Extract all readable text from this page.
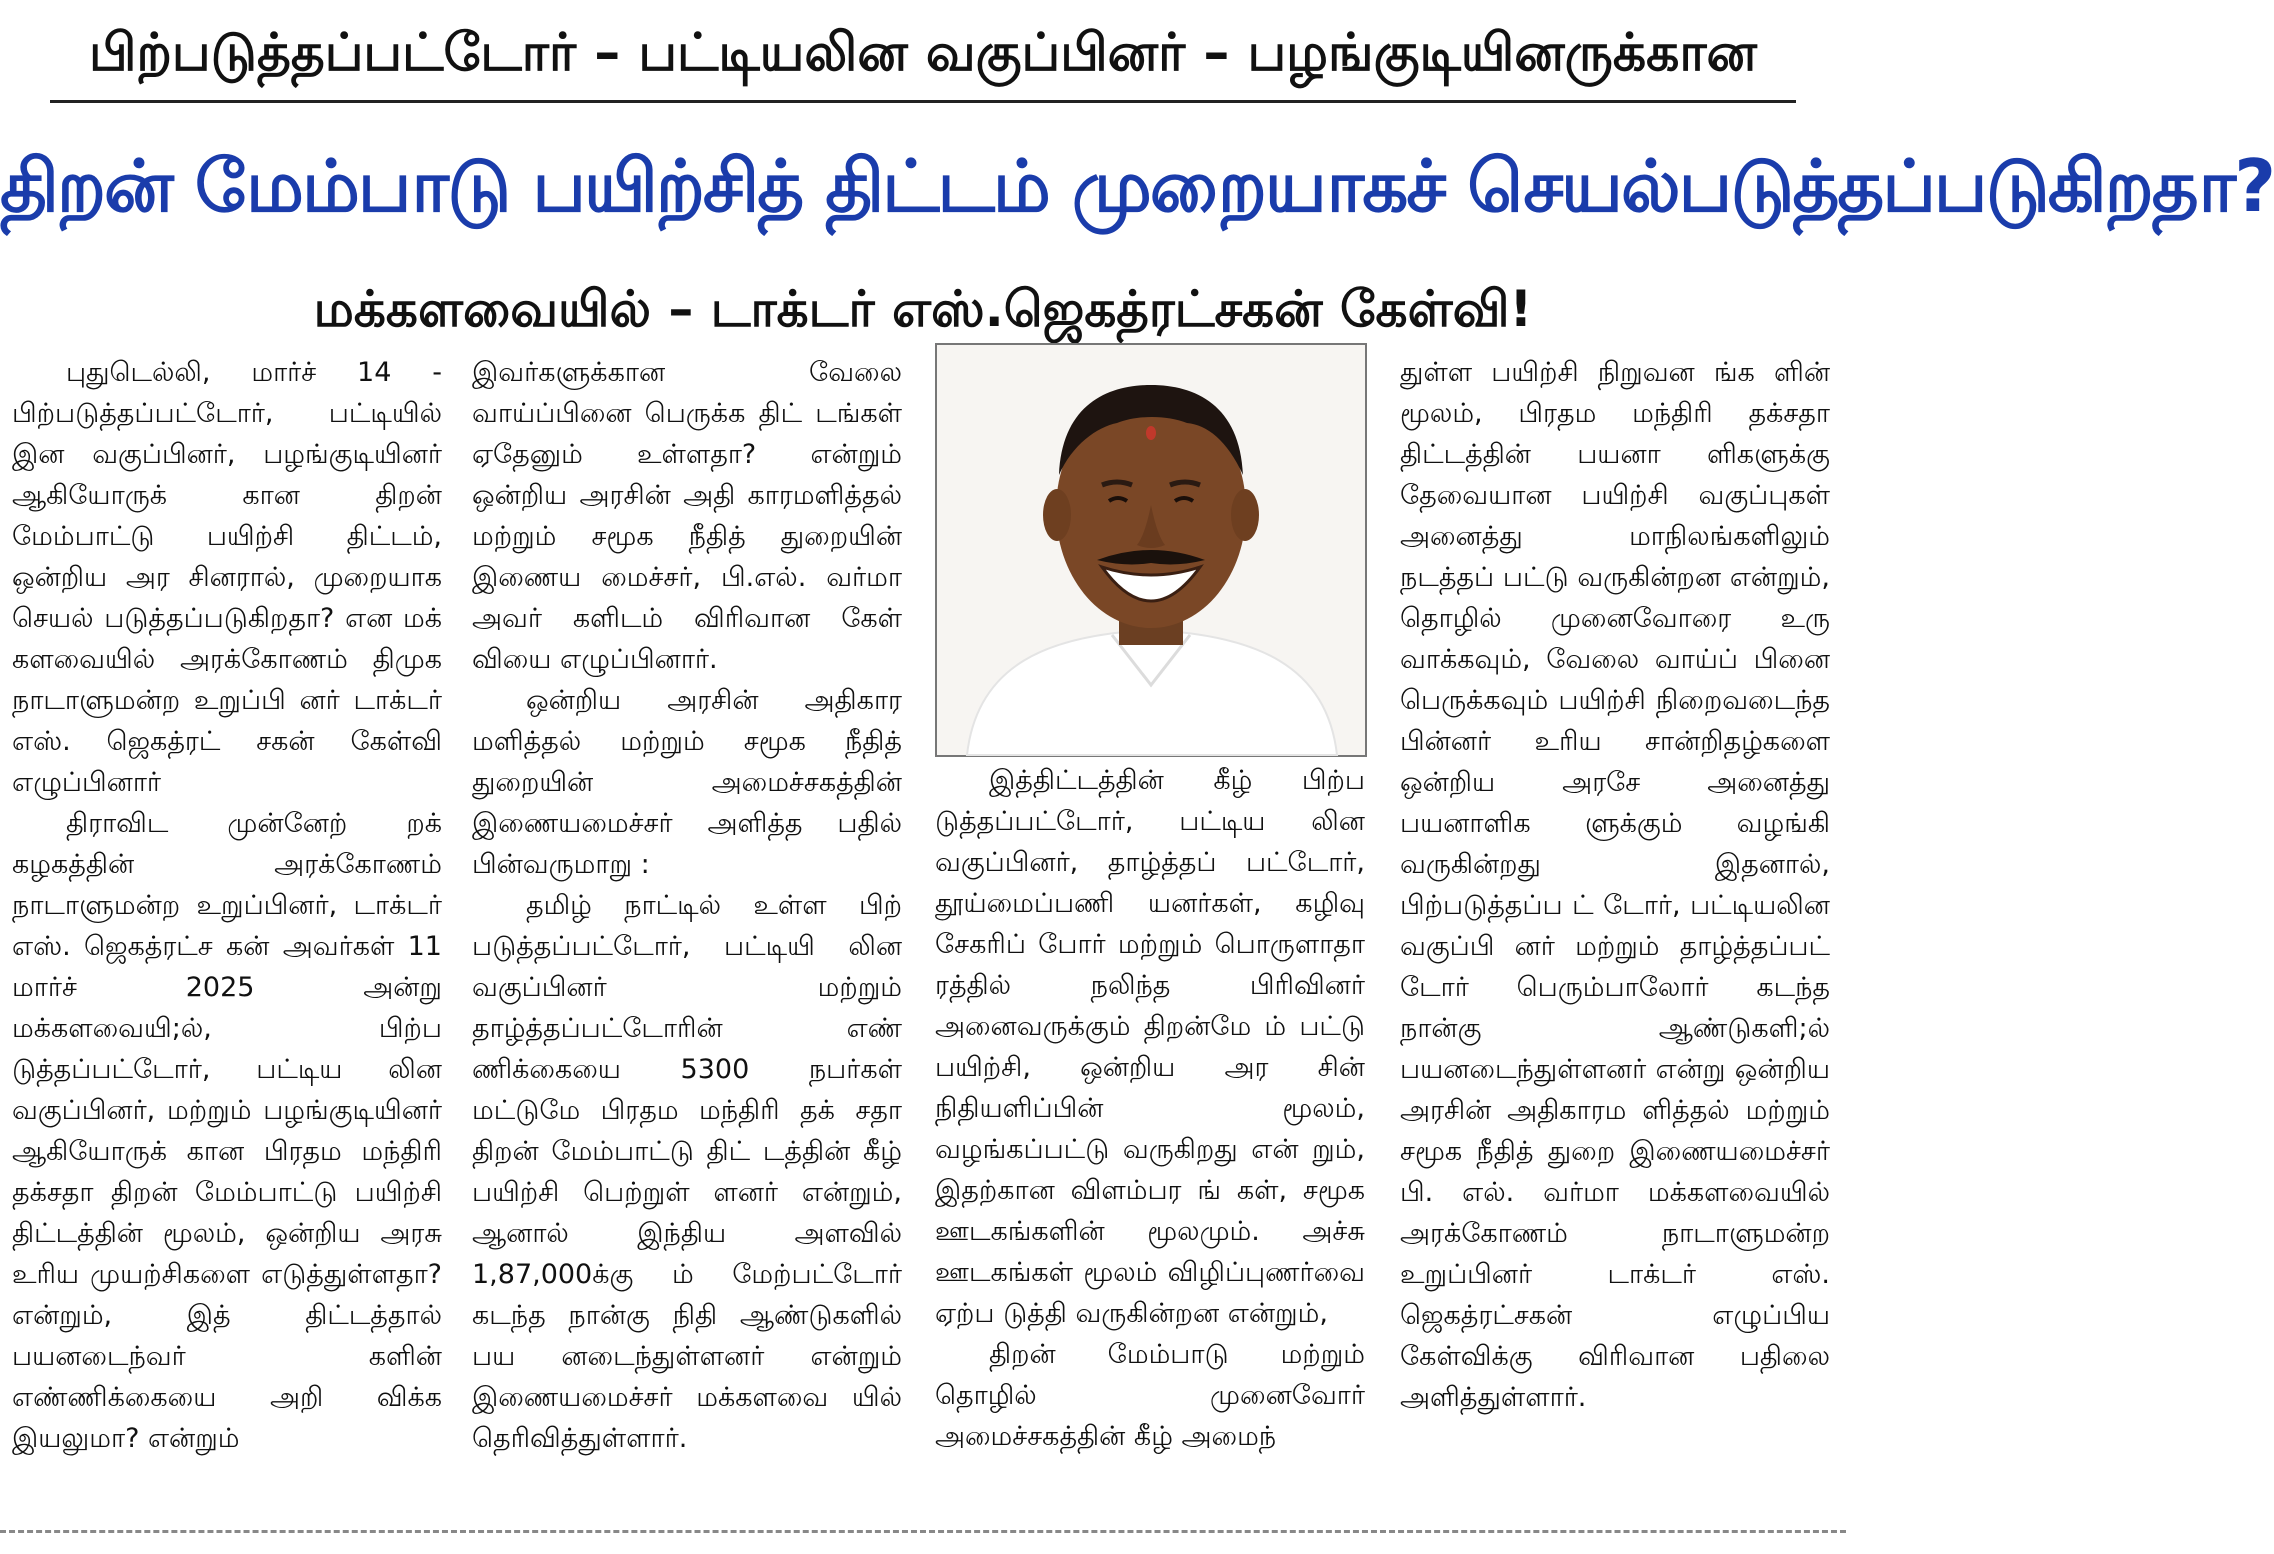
பிற்படுத்தப்பட்டோர் – பட்டியலின வகுப்பினர் – பழங்குடியினருக்கான
திறன் மேம்பாடு பயிற்சித் திட்டம் முறையாகச் செயல்படுத்தப்படுகிறதா?
மக்களவையில் – டாக்டர் எஸ்.ஜெகத்ரட்சகன் கேள்வி!

புதுடெல்லி, மார்ச் 14 - பிற்படுத்தப்பட்டோர், பட்டியில் இன வகுப்பினர், பழங்குடியினர் ஆகியோருக் கான திறன் மேம்பாட்டு பயிற்சி திட்டம், ஒன்றிய அர சினரால், முறையாக செயல் படுத்தப்படுகிறதா? என மக் களவையில் அரக்கோணம் திமுக நாடாளுமன்ற உறுப்பி னர் டாக்டர் எஸ். ஜெகத்ரட் சகன் கேள்வி எழுப்பினார்

திராவிட முன்னேற் றக் கழகத்தின் அரக்கோணம் நாடாளுமன்ற உறுப்பினர், டாக்டர் எஸ். ஜெகத்ரட்ச கன் அவர்கள் 11 மார்ச் 2025 அன்று மக்களவையி;ல், பிற்ப டுத்தப்பட்டோர், பட்டிய லின வகுப்பினர், மற்றும் பழங்குடியினர் ஆகியோருக் கான பிரதம மந்திரி தக்சதா திறன் மேம்பாட்டு பயிற்சி திட்டத்தின் மூலம், ஒன்றிய அரசு உரிய முயற்சிகளை எடுத்துள்ளதா? என்றும், இத் திட்டத்தால் பயனடைந்வர் களின் எண்ணிக்கையை அறி விக்க இயலுமா? என்றும்

இவர்களுக்கான வேலை வாய்ப்பினை பெருக்க திட் டங்கள் ஏதேனும் உள்ளதா? என்றும் ஒன்றிய அரசின் அதி காரமளித்தல் மற்றும் சமூக நீதித் துறையின் இணைய மைச்சர், பி.எல். வர்மா அவர் களிடம் விரிவான கேள் வியை எழுப்பினார்.

ஒன்றிய அரசின் அதிகார மளித்தல் மற்றும் சமூக நீதித் துறையின் அமைச்சகத்தின் இணையமைச்சர் அளித்த பதில் பின்வருமாறு :

தமிழ் நாட்டில் உள்ள பிற் படுத்தப்பட்டோர், பட்டியி லின வகுப்பினர் மற்றும் தாழ்த்தப்பட்டோரின் எண் ணிக்கையை 5300 நபர்கள் மட்டுமே பிரதம மந்திரி தக் சதா திறன் மேம்பாட்டு திட் டத்தின் கீழ் பயிற்சி பெற்றுள் ளனர் என்றும், ஆனால் இந்திய அளவில் 1,87,000க்கு ம் மேற்பட்டோர் கடந்த நான்கு நிதி ஆண்டுகளில் பய னடைந்துள்ளனர் என்றும் இணையமைச்சர் மக்களவை யில் தெரிவித்துள்ளார்.

இத்திட்டத்தின் கீழ் பிற்ப டுத்தப்பட்டோர், பட்டிய லின வகுப்பினர், தாழ்த்தப் பட்டோர், தூய்மைப்பணி யனர்கள், கழிவு சேகரிப் போர் மற்றும் பொருளாதா ரத்தில் நலிந்த பிரிவினர் அனைவருக்கும் திறன்மே ம் பட்டு பயிற்சி, ஒன்றிய அர சின் நிதியளிப்பின் மூலம், வழங்கப்பட்டு வருகிறது என் றும், இதற்கான விளம்பர ங் கள், சமூக ஊடகங்களின் மூலமும். அச்சு ஊடகங்கள் மூலம் விழிப்புணர்வை ஏற்ப டுத்தி வருகின்றன என்றும்,

திறன் மேம்பாடு மற்றும் தொழில் முனைவோர் அமைச்சகத்தின் கீழ் அமைந்

துள்ள பயிற்சி நிறுவன ங்க ளின் மூலம், பிரதம மந்திரி தக்சதா திட்டத்தின் பயனா ளிகளுக்கு தேவையான பயிற்சி வகுப்புகள் அனைத்து மாநிலங்களிலும் நடத்தப் பட்டு வருகின்றன என்றும், தொழில் முனைவோரை உரு வாக்கவும், வேலை வாய்ப் பினை பெருக்கவும் பயிற்சி நிறைவடைந்த பின்னர் உரிய சான்றிதழ்களை ஒன்றிய அரசே அனைத்து பயனாளிக ளுக்கும் வழங்கி வருகின்றது இதனால், பிற்படுத்தப்ப ட் டோர், பட்டியலின வகுப்பி னர் மற்றும் தாழ்த்தப்பட் டோர் பெரும்பாலோர் கடந்த நான்கு ஆண்டுகளி;ல் பயனடைந்துள்ளனர் என்று ஒன்றிய அரசின் அதிகாரம ளித்தல் மற்றும் சமூக நீதித் துறை இணையமைச்சர் பி. எல். வர்மா மக்களவையில் அரக்கோணம் நாடாளுமன்ற உறுப்பினர் டாக்டர் எஸ். ஜெகத்ரட்சகன் எழுப்பிய கேள்விக்கு விரிவான பதிலை அளித்துள்ளார்.
